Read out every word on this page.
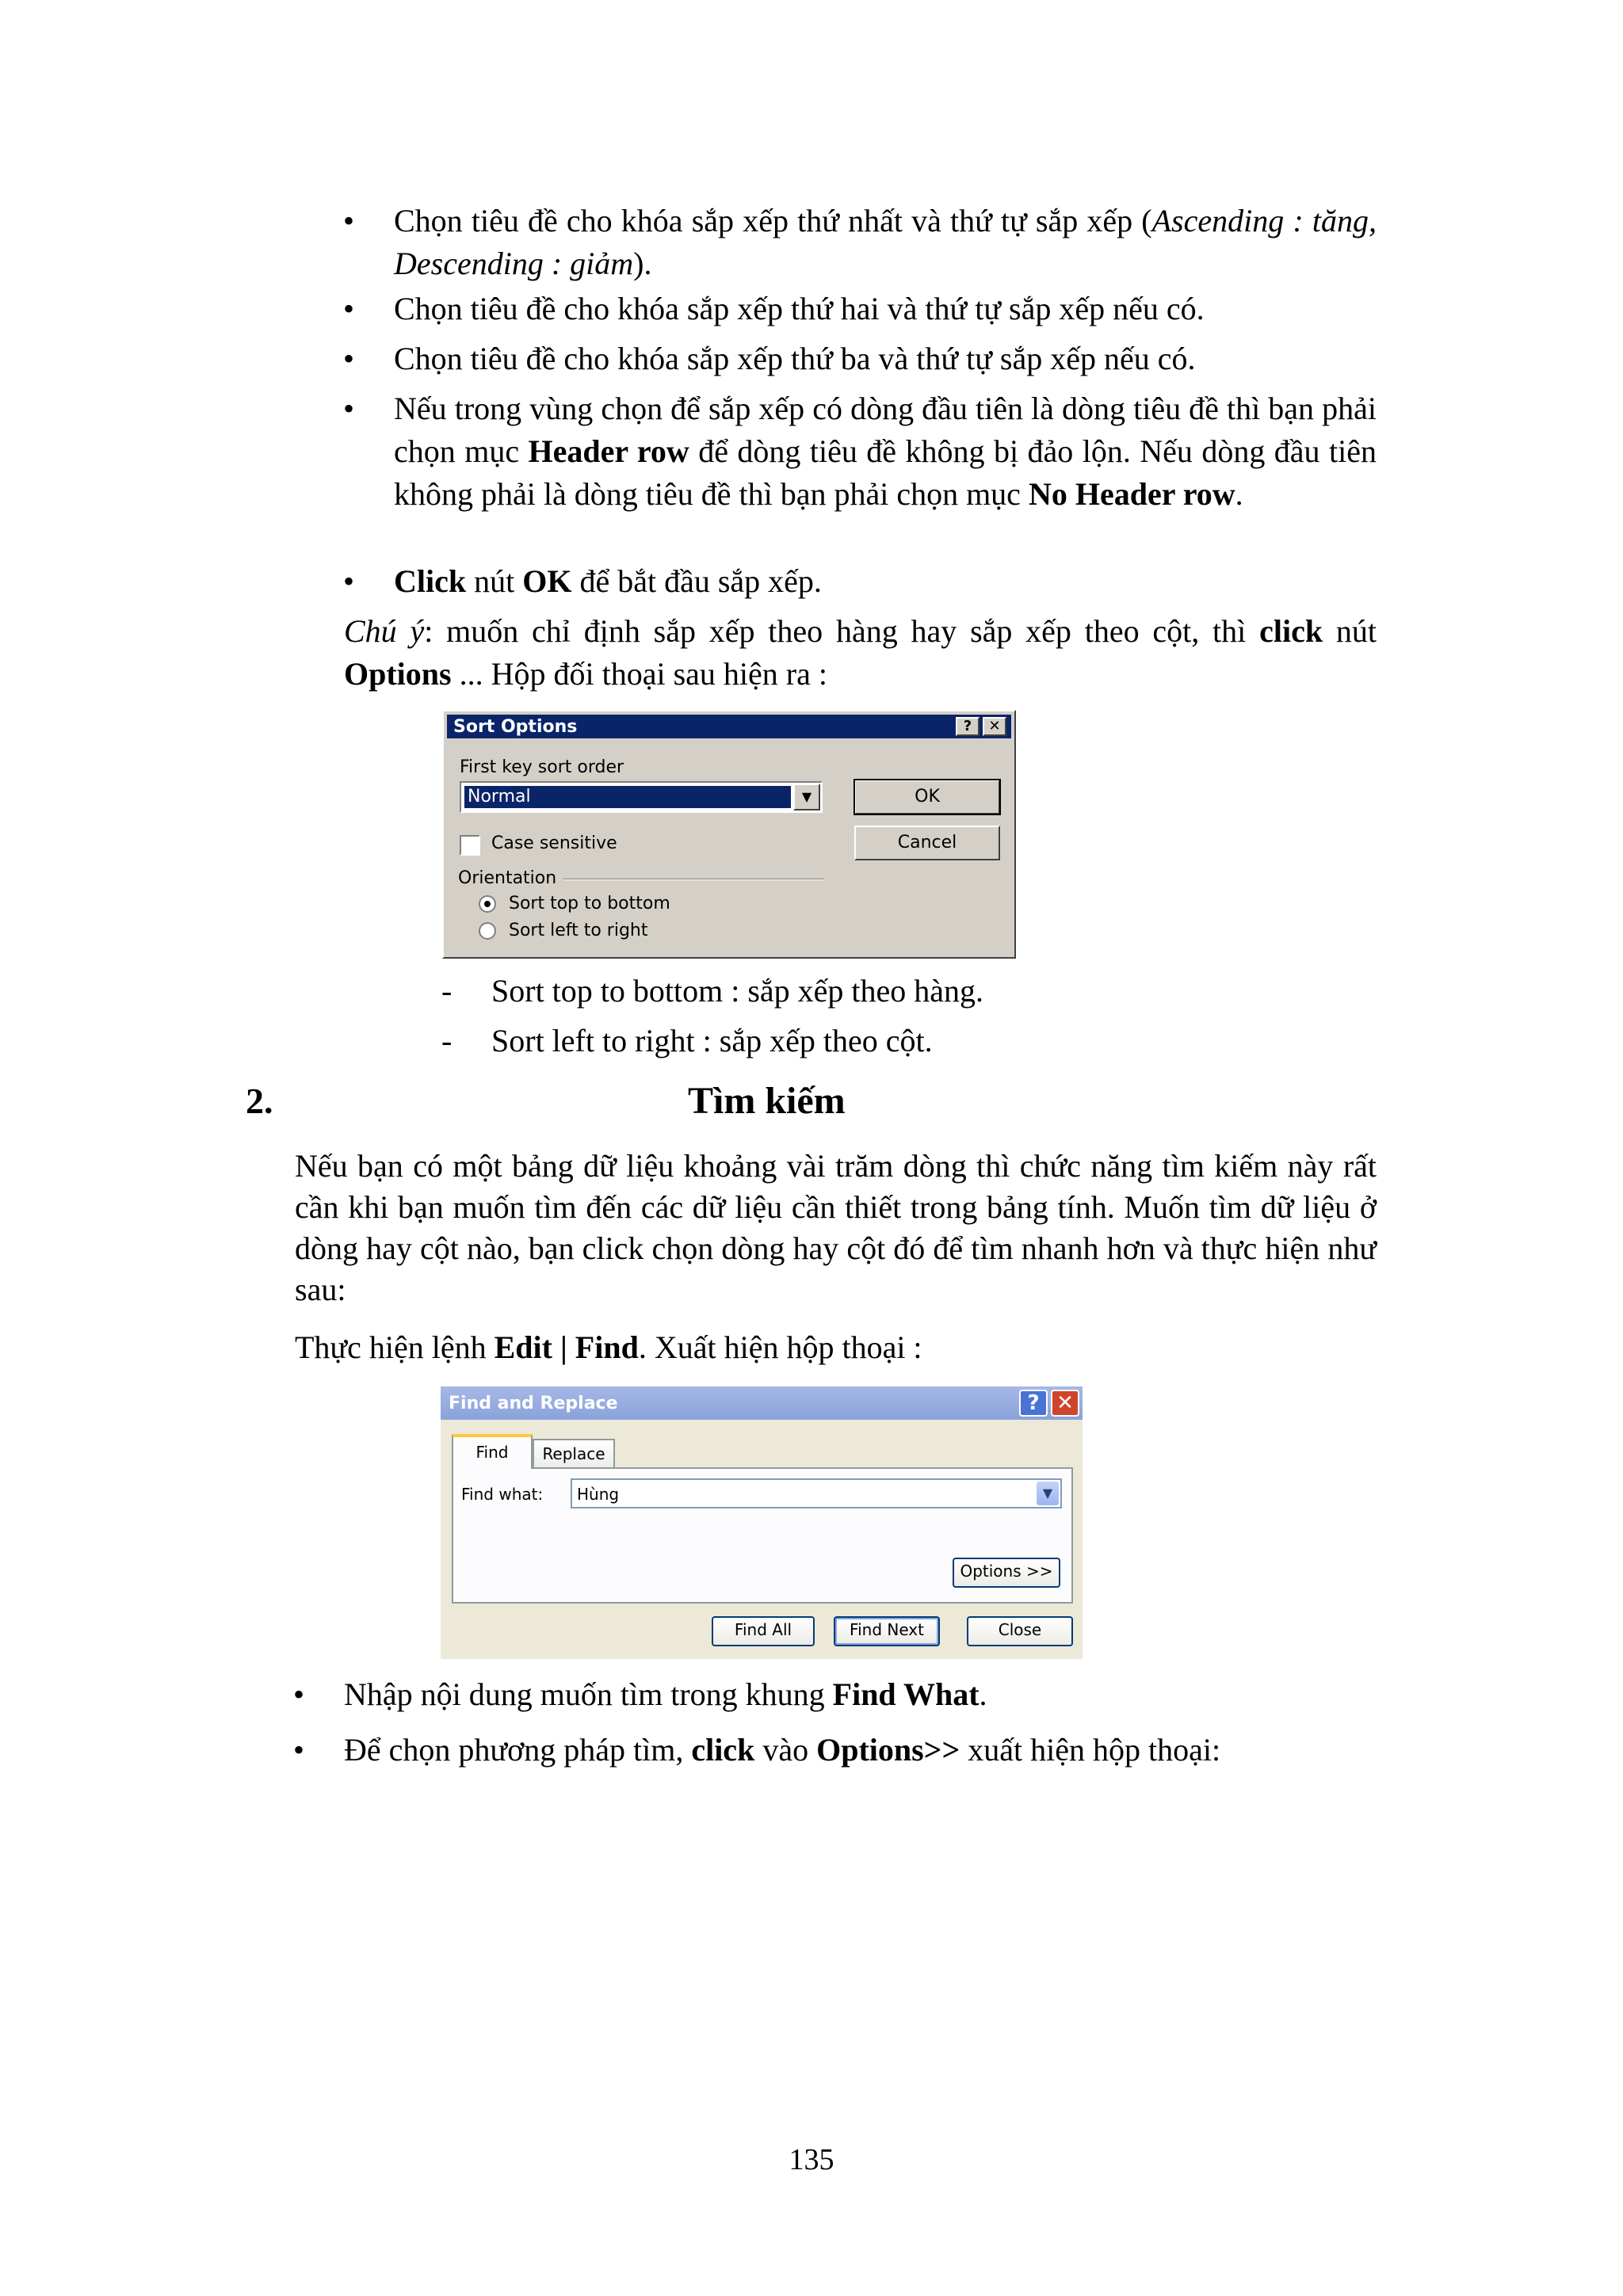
• Chọn tiêu đề cho khóa sắp xếp thứ nhất và thứ tự sắp xếp (Ascending : tăng, Descending : giảm).
• Chọn tiêu đề cho khóa sắp xếp thứ hai và thứ tự sắp xếp nếu có.
• Chọn tiêu đề cho khóa sắp xếp thứ ba và thứ tự sắp xếp nếu có.
• Nếu trong vùng chọn để sắp xếp có dòng đầu tiên là dòng tiêu đề thì bạn phải chọn mục Header row để dòng tiêu đề không bị đảo lộn. Nếu dòng đầu tiên không phải là dòng tiêu đề thì bạn phải chọn mục No Header row.
• Click nút OK để bắt đầu sắp xếp.
Chú ý: muốn chỉ định sắp xếp theo hàng hay sắp xếp theo cột, thì click nút Options ... Hộp đối thoại sau hiện ra :
Sort Options	?	✕
First key sort order
Normal	▼	OK
Cancel
Case sensitive
Orientation
Sort top to bottom
Sort left to right
- Sort top to bottom : sắp xếp theo hàng.
- Sort left to right : sắp xếp theo cột.
2.	Tìm kiếm
Nếu bạn có một bảng dữ liệu khoảng vài trăm dòng thì chức năng tìm kiếm này rất cần khi bạn muốn tìm đến các dữ liệu cần thiết trong bảng tính. Muốn tìm dữ liệu ở dòng hay cột nào, bạn click chọn dòng hay cột đó để tìm nhanh hơn và thực hiện như sau:
Thực hiện lệnh Edit | Find. Xuất hiện hộp thoại :
Find and Replace	? ✕
Find	Replace
Find what: Hùng	▼
Options >>
Find All	Find Next	Close
• Nhập nội dung muốn tìm trong khung Find What.
• Để chọn phương pháp tìm, click vào Options>> xuất hiện hộp thoại:
135
